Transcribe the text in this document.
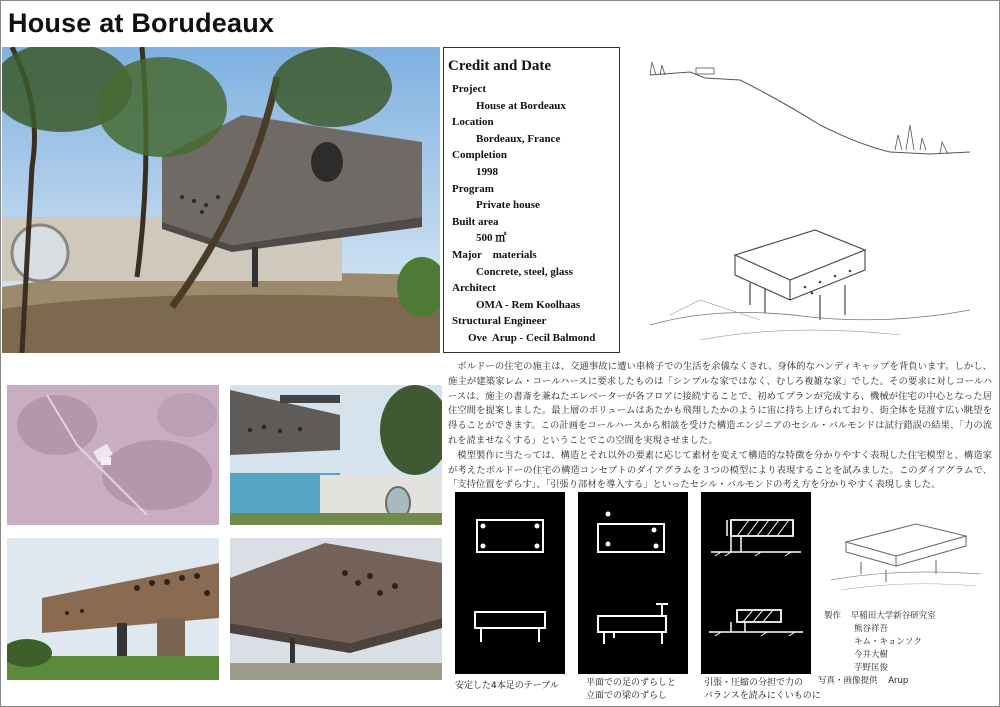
House at Borudeaux
Credit and Date
Project
House at Bordeaux
Location
Bordeaux, France
Completion
1998
Program
Private house
Built area
500 ㎡
Major    materials
Concrete, steel, glass
Architect
OMA - Rem Koolhaas
Structural Engineer
Ove  Arup - Cecil Balmond

ボルドーの住宅の施主は、交通事故に遭い車椅子での生活を余儀なくされ、身体的なハンディキャップを背負います。しかし、施主が建築家レム・コールハースに要求したものは「シンプルな家ではなく、むしろ複雑な家」でした。その要求に対しコールハースは、施主の書斎を兼ねたエレベーターが各フロアに接続することで、初めてプランが完成する、機械が住宅の中心となった居住空間を提案しました。最上層のボリュームはあたかも飛翔したかのように宙に持ち上げられており、街全体を見渡す広い眺望を得ることができます。この計画をコールハースから相談を受けた構造エンジニアのセシル・バルモンドは試行錯誤の結果、「力の流れを読ませなくする」ということでこの空間を実現させました。

模型製作に当たっては、構造とそれ以外の要素に応じて素材を変えて構造的な特徴を分かりやすく表現した住宅模型と、構造家が考えたボルドーの住宅の構造コンセプトのダイアグラムを３つの模型により表現することを試みました。このダイアグラムで、「支持位置をずらす」、「引張り部材を導入する」といったセシル・バルモンドの考え方を分かりやすく表現しました。

安定した4本足のテーブル	平面での足のずらしと
立面での梁のずらし
引張・圧縮の分担で力の
バランスを読みにくいものに
製作 早稲田大学新谷研究室
熊谷祥吾
キム・キョンソク
今井大樹
芋野匡俊
写真・画像提供 Arup
